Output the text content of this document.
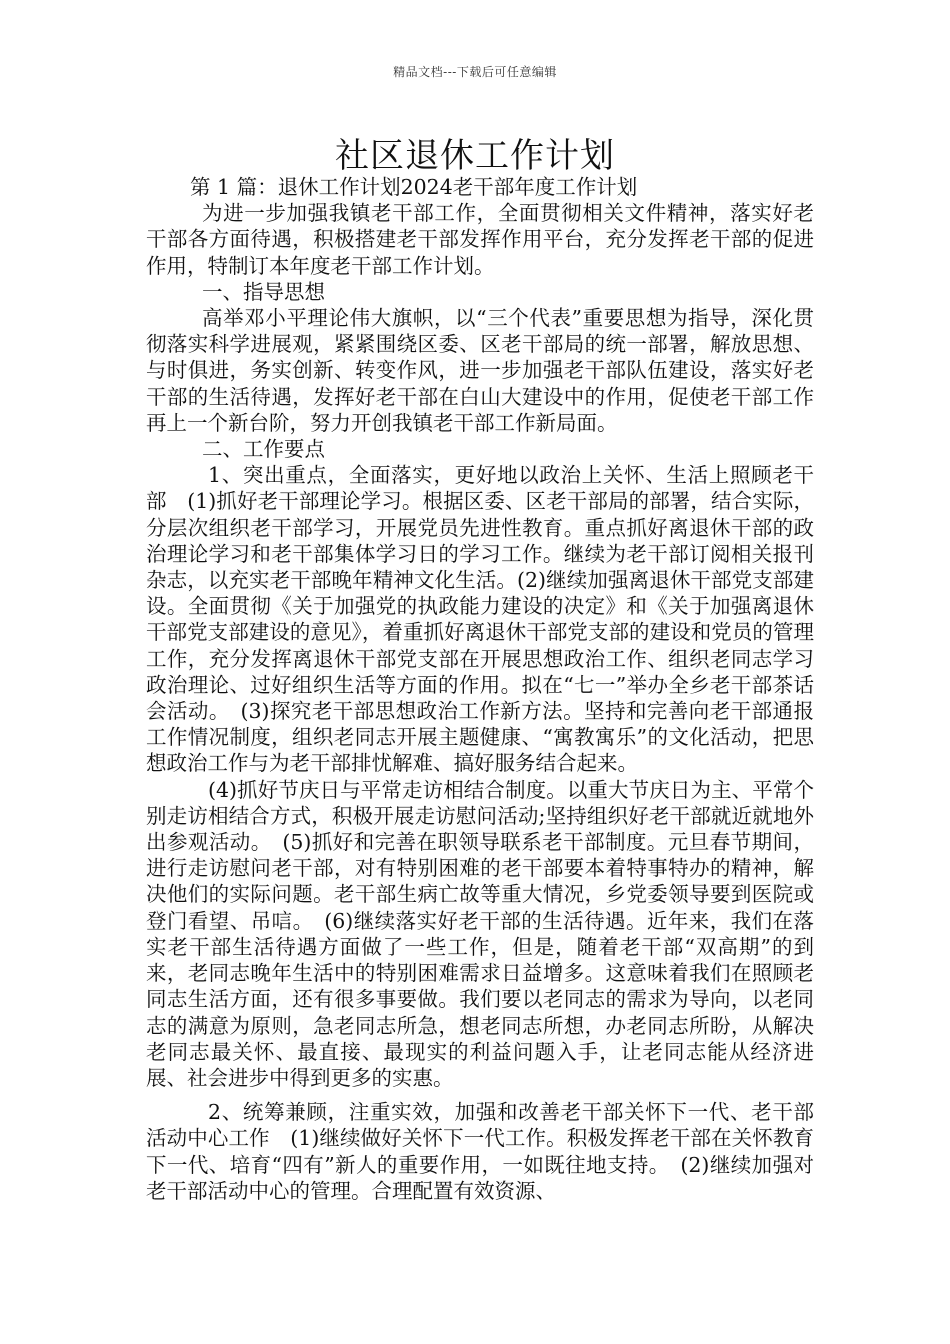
精品文档---下载后可任意编辑
社区退休工作计划

第 1 篇：退休工作计划2024老干部年度工作计划

为进一步加强我镇老干部工作，全面贯彻相关文件精神，落实好老干部各方面待遇，积极搭建老干部发挥作用平台，充分发挥老干部的促进作用，特制订本年度老干部工作计划。

一、指导思想

高举邓小平理论伟大旗帜，以“三个代表”重要思想为指导，深化贯彻落实科学进展观，紧紧围绕区委、区老干部局的统一部署，解放思想、与时俱进，务实创新、转变作风，进一步加强老干部队伍建设，落实好老干部的生活待遇，发挥好老干部在白山大建设中的作用，促使老干部工作再上一个新台阶，努力开创我镇老干部工作新局面。

二、工作要点

1、突出重点，全面落实，更好地以政治上关怀、生活上照顾老干部　(1)抓好老干部理论学习。根据区委、区老干部局的部署，结合实际，分层次组织老干部学习，开展党员先进性教育。重点抓好离退休干部的政治理论学习和老干部集体学习日的学习工作。继续为老干部订阅相关报刊杂志，以充实老干部晚年精神文化生活。(2)继续加强离退休干部党支部建设。全面贯彻《关于加强党的执政能力建设的决定》和《关于加强离退休干部党支部建设的意见》，着重抓好离退休干部党支部的建设和党员的管理工作，充分发挥离退休干部党支部在开展思想政治工作、组织老同志学习政治理论、过好组织生活等方面的作用。拟在“七一”举办全乡老干部茶话会活动。　(3)探究老干部思想政治工作新方法。坚持和完善向老干部通报工作情况制度，组织老同志开展主题健康、“寓教寓乐”的文化活动，把思想政治工作与为老干部排忧解难、搞好服务结合起来。

(4)抓好节庆日与平常走访相结合制度。以重大节庆日为主、平常个别走访相结合方式，积极开展走访慰问活动;坚持组织好老干部就近就地外出参观活动。　(5)抓好和完善在职领导联系老干部制度。元旦春节期间，进行走访慰问老干部，对有特别困难的老干部要本着特事特办的精神，解决他们的实际问题。老干部生病亡故等重大情况，乡党委领导要到医院或登门看望、吊唁。　(6)继续落实好老干部的生活待遇。近年来，我们在落实老干部生活待遇方面做了一些工作，但是，随着老干部“双高期”的到来，老同志晚年生活中的特别困难需求日益增多。这意味着我们在照顾老同志生活方面，还有很多事要做。我们要以老同志的需求为导向，以老同志的满意为原则，急老同志所急，想老同志所想，办老同志所盼，从解决老同志最关怀、最直接、最现实的利益问题入手，让老同志能从经济进展、社会进步中得到更多的实惠。

2、统筹兼顾，注重实效，加强和改善老干部关怀下一代、老干部活动中心工作　(1)继续做好关怀下一代工作。积极发挥老干部在关怀教育下一代、培育“四有”新人的重要作用，一如既往地支持。　(2)继续加强对老干部活动中心的管理。合理配置有效资源、
